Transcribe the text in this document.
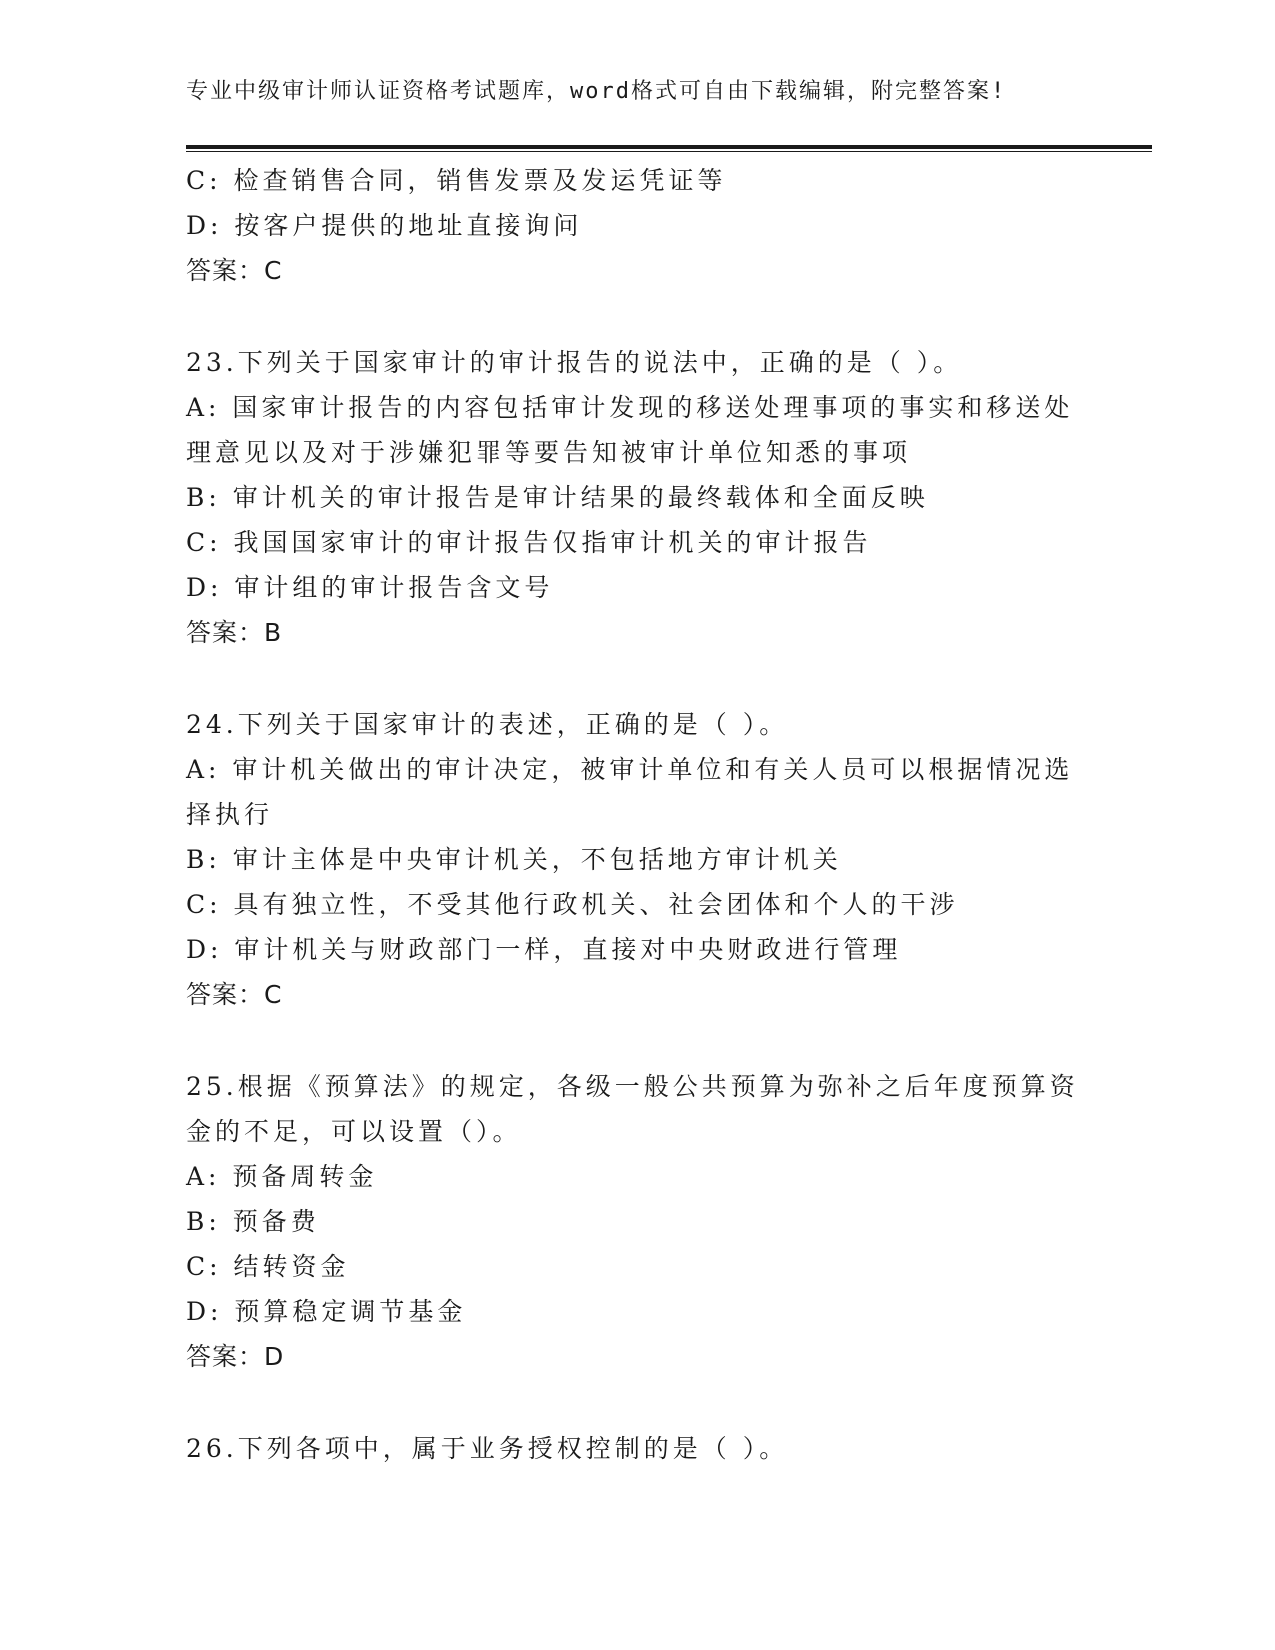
专业中级审计师认证资格考试题库，word格式可自由下载编辑，附完整答案!
C: 检查销售合同，销售发票及发运凭证等
D: 按客户提供的地址直接询问
答案：C
23.下列关于国家审计的审计报告的说法中，正确的是（ ）。
A: 国家审计报告的内容包括审计发现的移送处理事项的事实和移送处
理意见以及对于涉嫌犯罪等要告知被审计单位知悉的事项
B: 审计机关的审计报告是审计结果的最终载体和全面反映
C: 我国国家审计的审计报告仅指审计机关的审计报告
D: 审计组的审计报告含文号
答案：B
24.下列关于国家审计的表述，正确的是（ ）。
A: 审计机关做出的审计决定，被审计单位和有关人员可以根据情况选
择执行
B: 审计主体是中央审计机关，不包括地方审计机关
C: 具有独立性，不受其他行政机关、社会团体和个人的干涉
D: 审计机关与财政部门一样，直接对中央财政进行管理
答案：C
25.根据《预算法》的规定，各级一般公共预算为弥补之后年度预算资
金的不足，可以设置（）。
A: 预备周转金
B: 预备费
C: 结转资金
D: 预算稳定调节基金
答案：D
26.下列各项中，属于业务授权控制的是（ ）。
